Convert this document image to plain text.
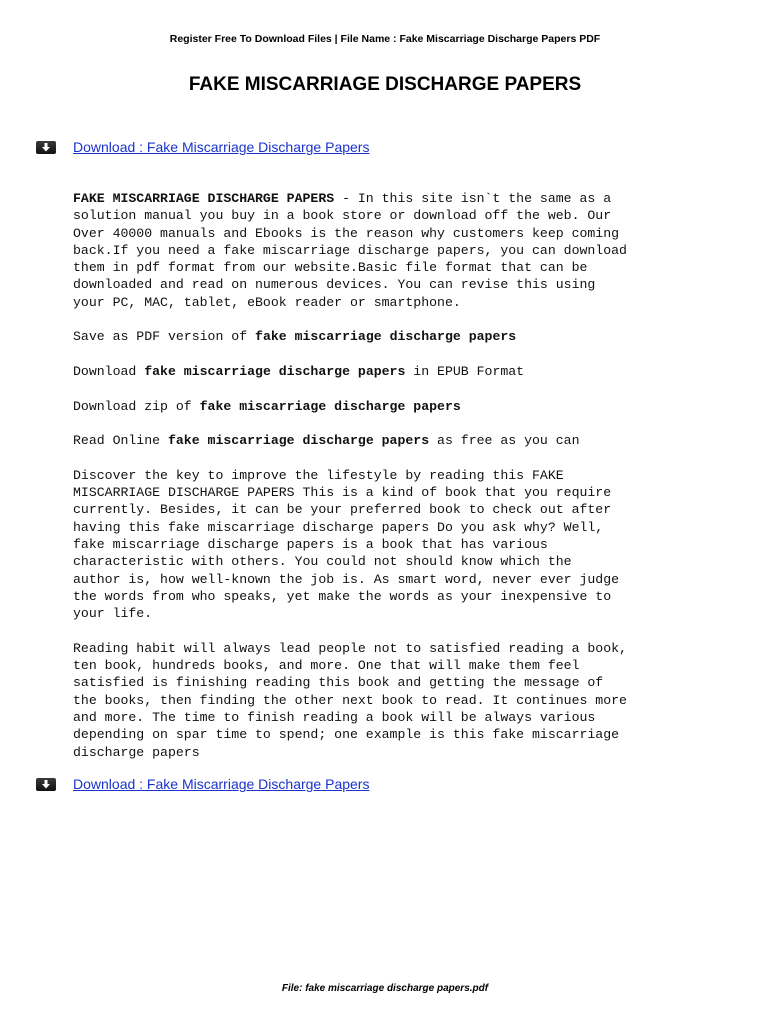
Register Free To Download Files | File Name : Fake Miscarriage Discharge Papers PDF
FAKE MISCARRIAGE DISCHARGE PAPERS
Download : Fake Miscarriage Discharge Papers

FAKE MISCARRIAGE DISCHARGE PAPERS - In this site isn`t the same as a
solution manual you buy in a book store or download off the web. Our
Over 40000 manuals and Ebooks is the reason why customers keep coming
back.If you need a fake miscarriage discharge papers, you can download
them in pdf format from our website.Basic file format that can be
downloaded and read on numerous devices. You can revise this using
your PC, MAC, tablet, eBook reader or smartphone.

Save as PDF version of fake miscarriage discharge papers

Download fake miscarriage discharge papers in EPUB Format

Download zip of fake miscarriage discharge papers

Read Online fake miscarriage discharge papers as free as you can

Discover the key to improve the lifestyle by reading this FAKE
MISCARRIAGE DISCHARGE PAPERS This is a kind of book that you require
currently. Besides, it can be your preferred book to check out after
having this fake miscarriage discharge papers Do you ask why? Well,
fake miscarriage discharge papers is a book that has various
characteristic with others. You could not should know which the
author is, how well-known the job is. As smart word, never ever judge
the words from who speaks, yet make the words as your inexpensive to
your life.

Reading habit will always lead people not to satisfied reading a book,
ten book, hundreds books, and more. One that will make them feel
satisfied is finishing reading this book and getting the message of
the books, then finding the other next book to read. It continues more
and more. The time to finish reading a book will be always various
depending on spar time to spend; one example is this fake miscarriage
discharge papers

Download : Fake Miscarriage Discharge Papers
File: fake miscarriage discharge papers.pdf
